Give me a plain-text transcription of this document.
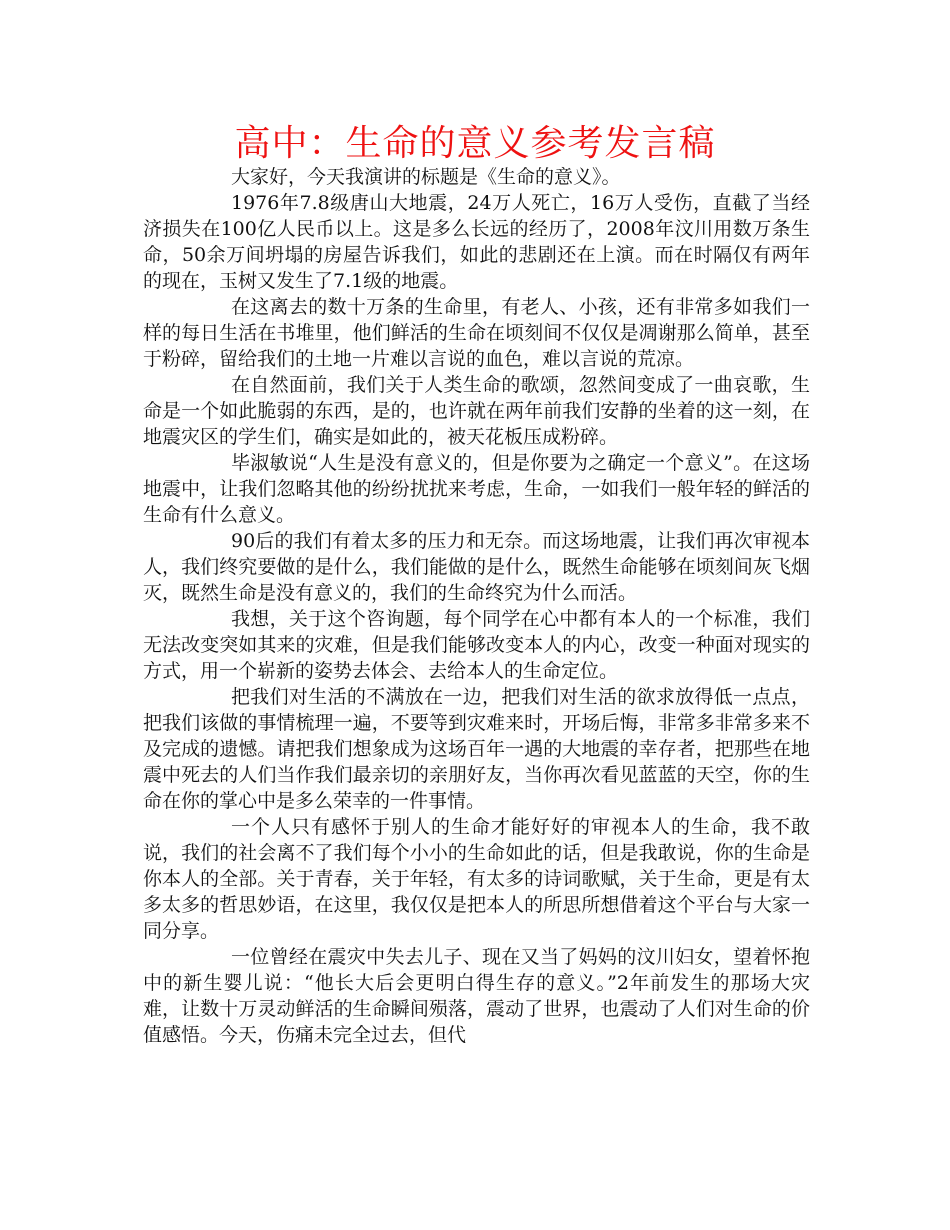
高中：生命的意义参考发言稿

大家好，今天我演讲的标题是《生命的意义》。

1976年7.8级唐山大地震，24万人死亡，16万人受伤，直截了当经济损失在100亿人民币以上。这是多么长远的经历了，2008年汶川用数万条生命，50余万间坍塌的房屋告诉我们，如此的悲剧还在上演。而在时隔仅有两年的现在，玉树又发生了7.1级的地震。

在这离去的数十万条的生命里，有老人、小孩，还有非常多如我们一样的每日生活在书堆里，他们鲜活的生命在顷刻间不仅仅是凋谢那么简单，甚至于粉碎，留给我们的土地一片难以言说的血色，难以言说的荒凉。

在自然面前，我们关于人类生命的歌颂，忽然间变成了一曲哀歌，生命是一个如此脆弱的东西，是的，也许就在两年前我们安静的坐着的这一刻，在地震灾区的学生们，确实是如此的，被天花板压成粉碎。

毕淑敏说“人生是没有意义的，但是你要为之确定一个意义”。在这场地震中，让我们忽略其他的纷纷扰扰来考虑，生命，一如我们一般年轻的鲜活的生命有什么意义。

90后的我们有着太多的压力和无奈。而这场地震，让我们再次审视本人，我们终究要做的是什么，我们能做的是什么，既然生命能够在顷刻间灰飞烟灭，既然生命是没有意义的，我们的生命终究为什么而活。

我想，关于这个咨询题，每个同学在心中都有本人的一个标准，我们无法改变突如其来的灾难，但是我们能够改变本人的内心，改变一种面对现实的方式，用一个崭新的姿势去体会、去给本人的生命定位。

把我们对生活的不满放在一边，把我们对生活的欲求放得低一点点，把我们该做的事情梳理一遍，不要等到灾难来时，开场后悔，非常多非常多来不及完成的遗憾。请把我们想象成为这场百年一遇的大地震的幸存者，把那些在地震中死去的人们当作我们最亲切的亲朋好友，当你再次看见蓝蓝的天空，你的生命在你的掌心中是多么荣幸的一件事情。

一个人只有感怀于别人的生命才能好好的审视本人的生命，我不敢说，我们的社会离不了我们每个小小的生命如此的话，但是我敢说，你的生命是你本人的全部。关于青春，关于年轻，有太多的诗词歌赋，关于生命，更是有太多太多的哲思妙语，在这里，我仅仅是把本人的所思所想借着这个平台与大家一同分享。

一位曾经在震灾中失去儿子、现在又当了妈妈的汶川妇女，望着怀抱中的新生婴儿说：“他长大后会更明白得生存的意义。”2年前发生的那场大灾难，让数十万灵动鲜活的生命瞬间殒落，震动了世界，也震动了人们对生命的价值感悟。今天，伤痛未完全过去，但代
